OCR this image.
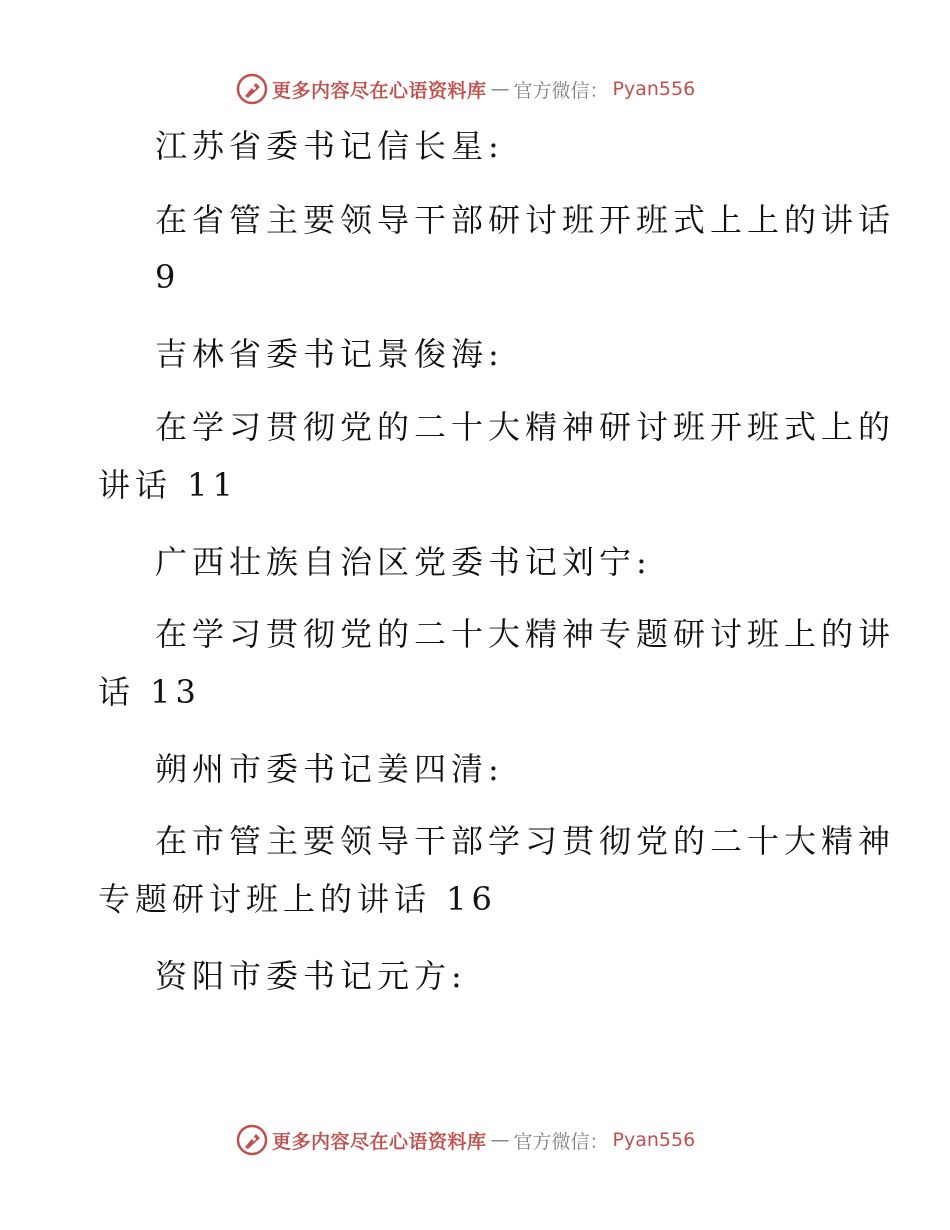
更多内容尽在心语资料库 — 官方微信： Pyan556
江苏省委书记信长星:
在省管主要领导干部研讨班开班式上上的讲话
9
吉林省委书记景俊海:
在学习贯彻党的二十大精神研讨班开班式上的
讲话 11
广西壮族自治区党委书记刘宁:
在学习贯彻党的二十大精神专题研讨班上的讲
话 13
朔州市委书记姜四清:
在市管主要领导干部学习贯彻党的二十大精神
专题研讨班上的讲话 16
资阳市委书记元方:
更多内容尽在心语资料库 — 官方微信： Pyan556
